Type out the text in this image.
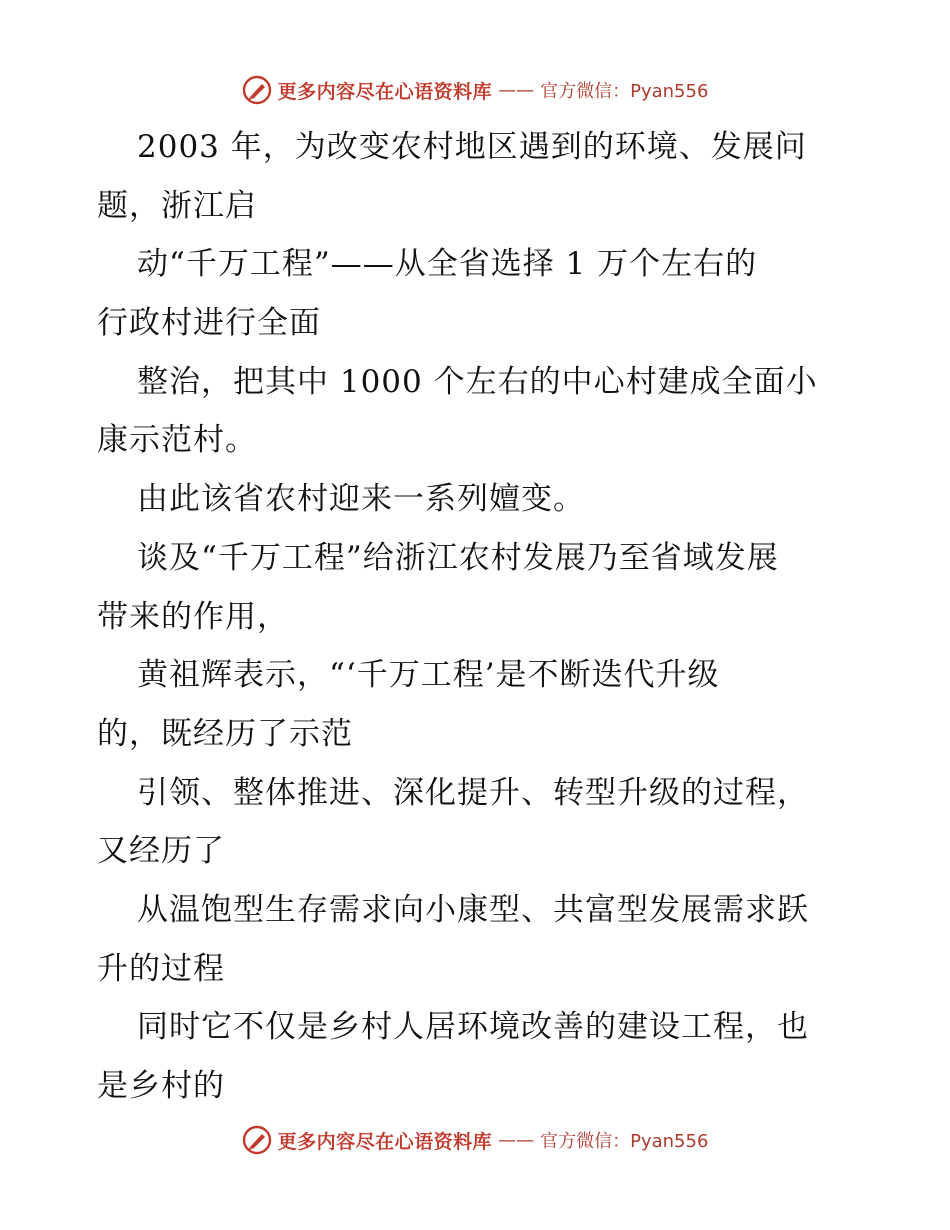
更多内容尽在心语资料库 —— 官方微信：Pyan556
2003 年，为改变农村地区遇到的环境、发展问
题，浙江启
动“千万工程”——从全省选择 1 万个左右的
行政村进行全面
整治，把其中 1000 个左右的中心村建成全面小
康示范村。
由此该省农村迎来一系列嬗变。
谈及“千万工程”给浙江农村发展乃至省域发展
带来的作用，
黄祖辉表示，“‘千万工程’是不断迭代升级
的，既经历了示范
引领、整体推进、深化提升、转型升级的过程，
又经历了
从温饱型生存需求向小康型、共富型发展需求跃
升的过程
同时它不仅是乡村人居环境改善的建设工程，也
是乡村的
更多内容尽在心语资料库 —— 官方微信：Pyan556
